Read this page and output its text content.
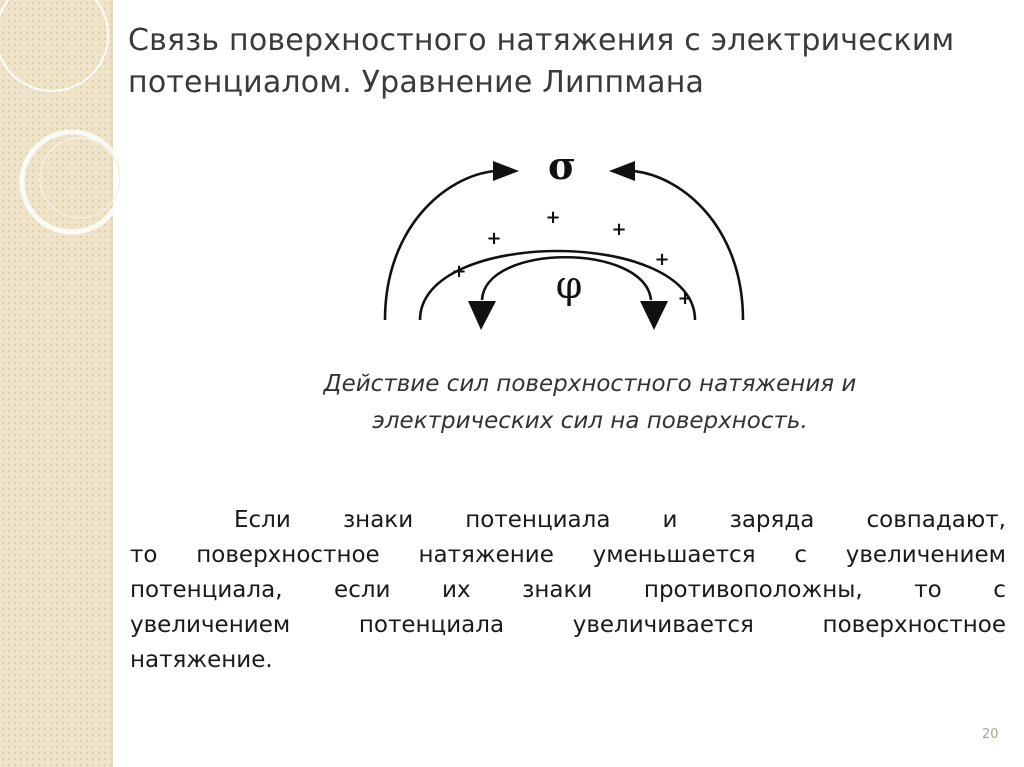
Связь поверхностного натяжения с электрическим
потенциалом. Уравнение Липпмана
+
+	+
+
+
+
σ
φ
Действие сил поверхностного натяжения и
электрических сил на поверхность.
Если знаки потенциала и заряда совпадают,
то поверхностное натяжение уменьшается с увеличением
потенциала, если их знаки противоположны, то с
увеличением	потенциала	увеличивается	поверхностное
натяжение.
20
